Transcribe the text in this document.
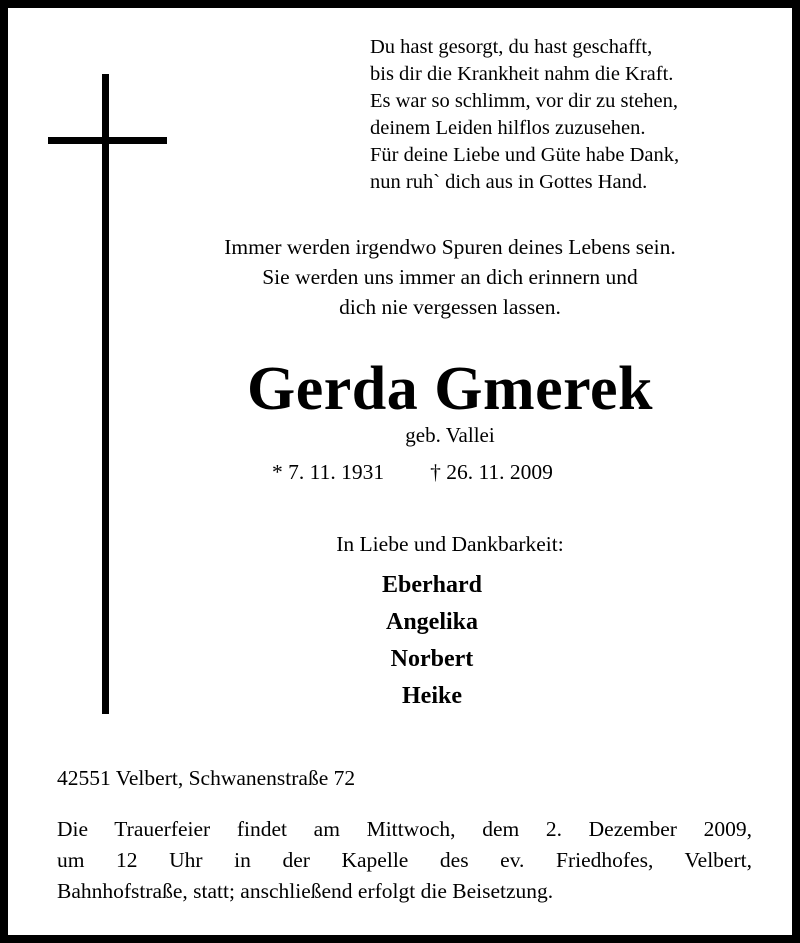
Du hast gesorgt, du hast geschafft,
bis dir die Krankheit nahm die Kraft.
Es war so schlimm, vor dir zu stehen,
deinem Leiden hilflos zuzusehen.
Für deine Liebe und Güte habe Dank,
nun ruh` dich aus in Gottes Hand.
Immer werden irgendwo Spuren deines Lebens sein.
Sie werden uns immer an dich erinnern und
dich nie vergessen lassen.
Gerda Gmerek
geb. Vallei
* 7. 11. 1931 † 26. 11. 2009
In Liebe und Dankbarkeit:
Eberhard
Angelika
Norbert
Heike
42551 Velbert, Schwanenstraße 72
Die Trauerfeier findet am Mittwoch, dem 2. Dezember 2009,
um 12 Uhr in der Kapelle des ev. Friedhofes, Velbert,
Bahnhofstraße, statt; anschließend erfolgt die Beisetzung.
